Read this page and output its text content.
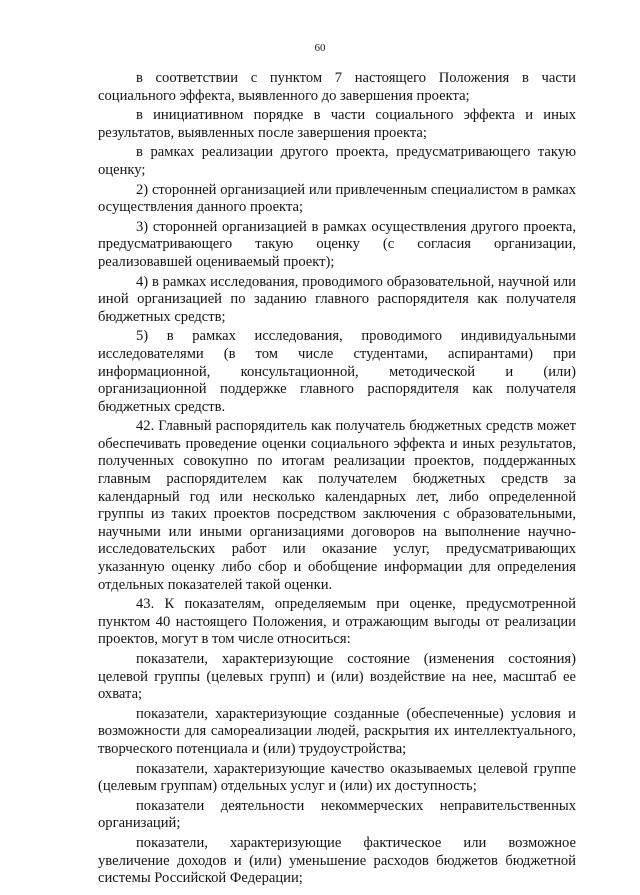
60

в соответствии с пунктом 7 настоящего Положения в части социального эффекта, выявленного до завершения проекта;

в инициативном порядке в части социального эффекта и иных результатов, выявленных после завершения проекта;

в рамках реализации другого проекта, предусматривающего такую оценку;

2) сторонней организацией или привлеченным специалистом в рамках осуществления данного проекта;

3) сторонней организацией в рамках осуществления другого проекта, предусматривающего такую оценку (с согласия организации, реализовавшей оцениваемый проект);

4) в рамках исследования, проводимого образовательной, научной или иной организацией по заданию главного распорядителя как получателя бюджетных средств;

5) в рамках исследования, проводимого индивидуальными исследователями (в том числе студентами, аспирантами) при информационной, консультационной, методической и (или) организационной поддержке главного распорядителя как получателя бюджетных средств.

42. Главный распорядитель как получатель бюджетных средств может обеспечивать проведение оценки социального эффекта и иных результатов, полученных совокупно по итогам реализации проектов, поддержанных главным распорядителем как получателем бюджетных средств за календарный год или несколько календарных лет, либо определенной группы из таких проектов посредством заключения с образовательными, научными или иными организациями договоров на выполнение научно-исследовательских работ или оказание услуг, предусматривающих указанную оценку либо сбор и обобщение информации для определения отдельных показателей такой оценки.

43. К показателям, определяемым при оценке, предусмотренной пунктом 40 настоящего Положения, и отражающим выгоды от реализации проектов, могут в том числе относиться:

показатели, характеризующие состояние (изменения состояния) целевой группы (целевых групп) и (или) воздействие на нее, масштаб ее охвата;

показатели, характеризующие созданные (обеспеченные) условия и возможности для самореализации людей, раскрытия их интеллектуального, творческого потенциала и (или) трудоустройства;

показатели, характеризующие качество оказываемых целевой группе (целевым группам) отдельных услуг и (или) их доступность;

показатели деятельности некоммерческих неправительственных организаций;

показатели, характеризующие фактическое или возможное увеличение доходов и (или) уменьшение расходов бюджетов бюджетной системы Российской Федерации;
